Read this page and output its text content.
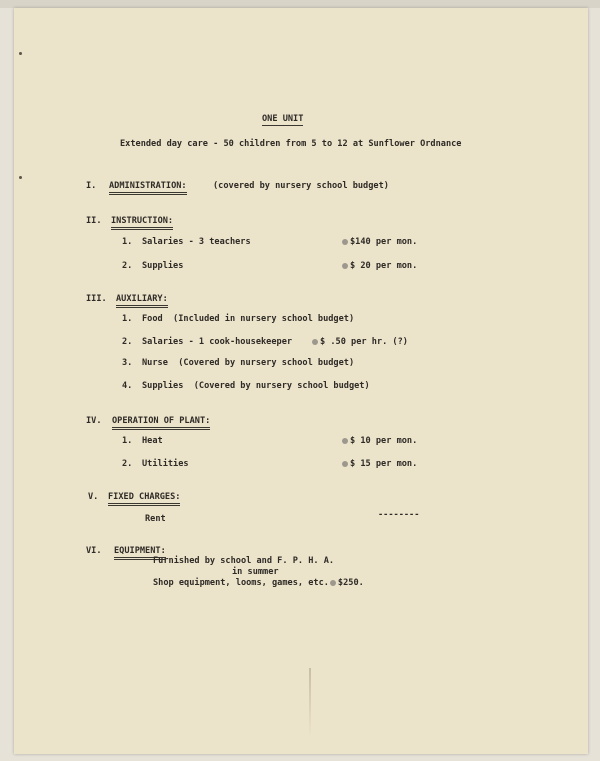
ONE UNIT
Extended day care - 50 children from 5 to 12 at Sunflower Ordnance
I. ADMINISTRATION:	(covered by nursery school budget)
II. INSTRUCTION:
1. Salaries - 3 teachers	$140 per mon.
2. Supplies	$ 20 per mon.
III. AUXILIARY:
1. Food  (Included in nursery school budget)
2. Salaries - 1 cook-housekeeper	$ .50 per hr. (?)
3. Nurse  (Covered by nursery school budget)
4. Supplies  (Covered by nursery school budget)
IV. OPERATION OF PLANT:
1. Heat	$ 10 per mon.
2. Utilities	$ 15 per mon.
V. FIXED CHARGES:
Rent	--------
VI. EQUIPMENT:
Furnished by school and F. P. H. A.
in summer
Shop equipment, looms, games, etc. $250.
